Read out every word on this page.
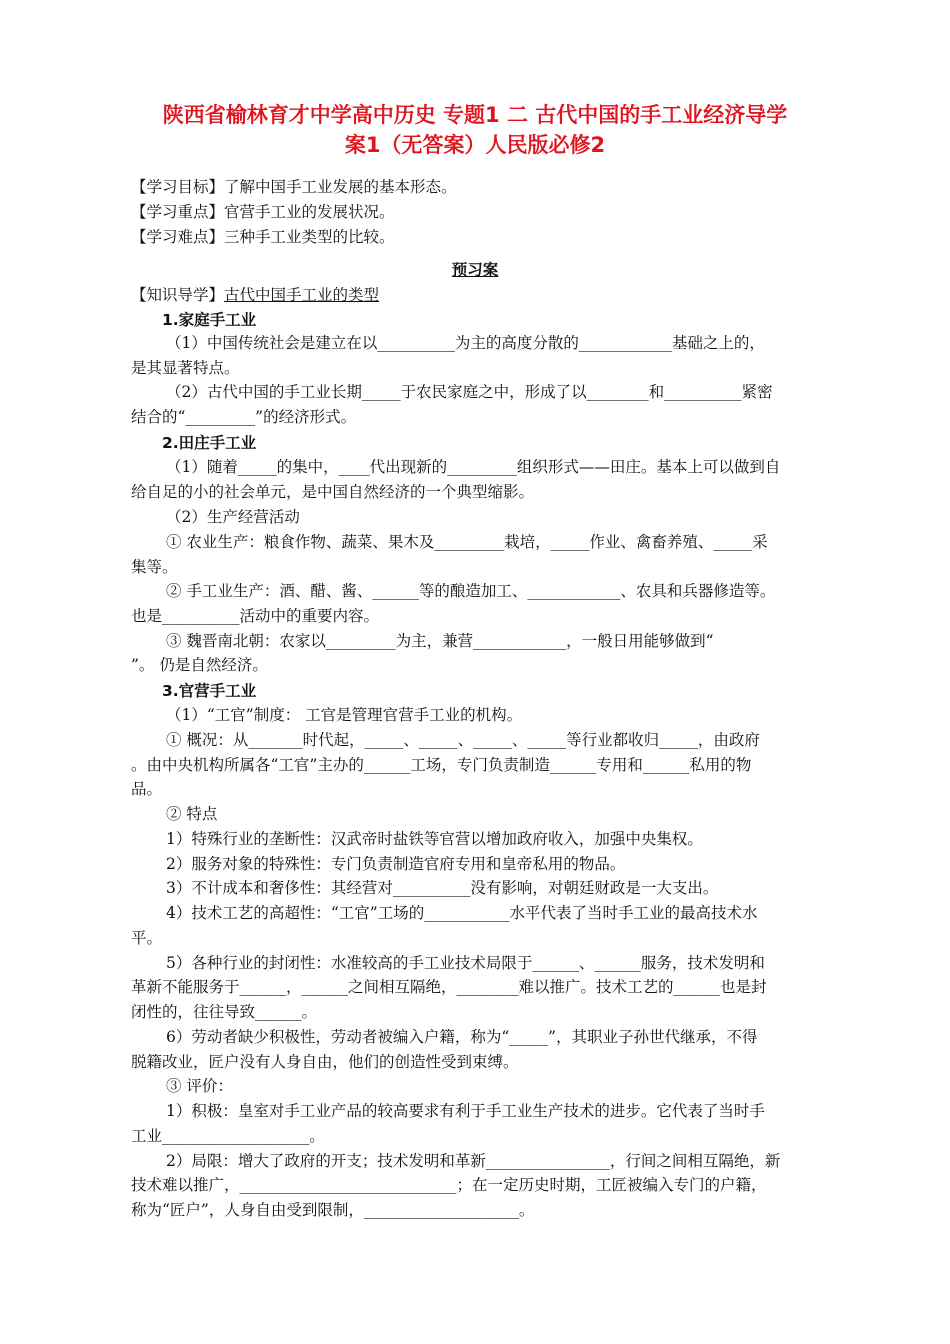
陕西省榆林育才中学高中历史 专题1 二 古代中国的手工业经济导学
案1（无答案）人民版必修2
【学习目标】了解中国手工业发展的基本形态。
【学习重点】官营手工业的发展状况。
【学习难点】三种手工业类型的比较。
预习案
【知识导学】古代中国手工业的类型
1.家庭手工业
（1）中国传统社会是建立在以__________为主的高度分散的____________基础之上的，
是其显著特点。
（2）古代中国的手工业长期_____于农民家庭之中，形成了以________和__________紧密
结合的“_________”的经济形式。
2.田庄手工业
（1）随着_____的集中，____代出现新的_________组织形式——田庄。基本上可以做到自
给自足的小的社会单元，是中国自然经济的一个典型缩影。
（2）生产经营活动
① 农业生产：粮食作物、蔬菜、果木及_________栽培，_____作业、禽畜养殖、_____采
集等。
② 手工业生产：酒、醋、酱、______等的酿造加工、____________、农具和兵器修造等。
也是__________活动中的重要内容。
③ 魏晋南北朝：农家以_________为主，兼营____________，一般日用能够做到“
”。 仍是自然经济。
3.官营手工业
（1）“工官”制度： 工官是管理官营手工业的机构。
① 概况：从_______时代起，_____、_____、_____、_____等行业都收归_____，由政府
。由中央机构所属各“工官”主办的______工场，专门负责制造______专用和______私用的物
品。
② 特点
1）特殊行业的垄断性：汉武帝时盐铁等官营以增加政府收入，加强中央集权。
2）服务对象的特殊性：专门负责制造官府专用和皇帝私用的物品。
3）不计成本和奢侈性：其经营对__________没有影响，对朝廷财政是一大支出。
4）技术工艺的高超性：“工官”工场的___________水平代表了当时手工业的最高技术水
平。
5）各种行业的封闭性：水准较高的手工业技术局限于______、______服务，技术发明和
革新不能服务于______，______之间相互隔绝，________难以推广。技术工艺的______也是封
闭性的，往往导致______。
6）劳动者缺少积极性，劳动者被编入户籍，称为“_____”，其职业子孙世代继承，不得
脱籍改业，匠户没有人身自由，他们的创造性受到束缚。
③ 评价：
1）积极：皇室对手工业产品的较高要求有利于手工业生产技术的进步。它代表了当时手
工业___________________。
2）局限：增大了政府的开支；技术发明和革新________________，行间之间相互隔绝，新
技术难以推广，____________________________；在一定历史时期，工匠被编入专门的户籍，
称为“匠户”，人身自由受到限制，____________________。
